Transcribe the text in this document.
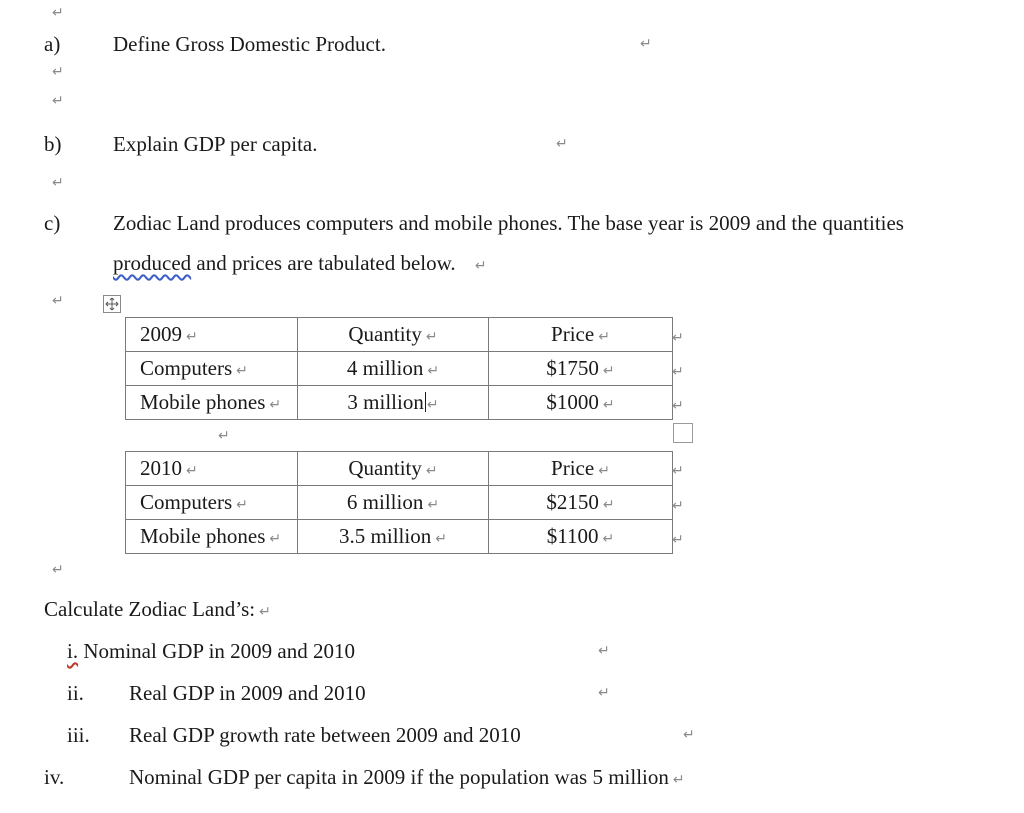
↵
a)	Define Gross Domestic Product.	↵
↵
↵
b) Explain GDP per capita.	↵
↵
c)	Zodiac Land produces computers and mobile phones. The base year is 2009 and the quantities
produced and prices are tabulated below. ↵
↵
2009 ↵	Quantity ↵	Price ↵
Computers ↵	4 million ↵	$1750 ↵
Mobile phones ↵	3 million ↵	$1000 ↵
↵
↵
↵
↵
2010 ↵	Quantity ↵	Price ↵
Computers ↵	6 million ↵	$2150 ↵
Mobile phones ↵	3.5 million ↵	$1100 ↵
↵
↵
↵
↵
Calculate Zodiac Land’s: ↵
i. Nominal GDP in 2009 and 2010	↵
ii. Real GDP in 2009 and 2010	↵
iii. Real GDP growth rate between 2009 and 2010	↵
iv.	Nominal GDP per capita in 2009 if the population was 5 million ↵
